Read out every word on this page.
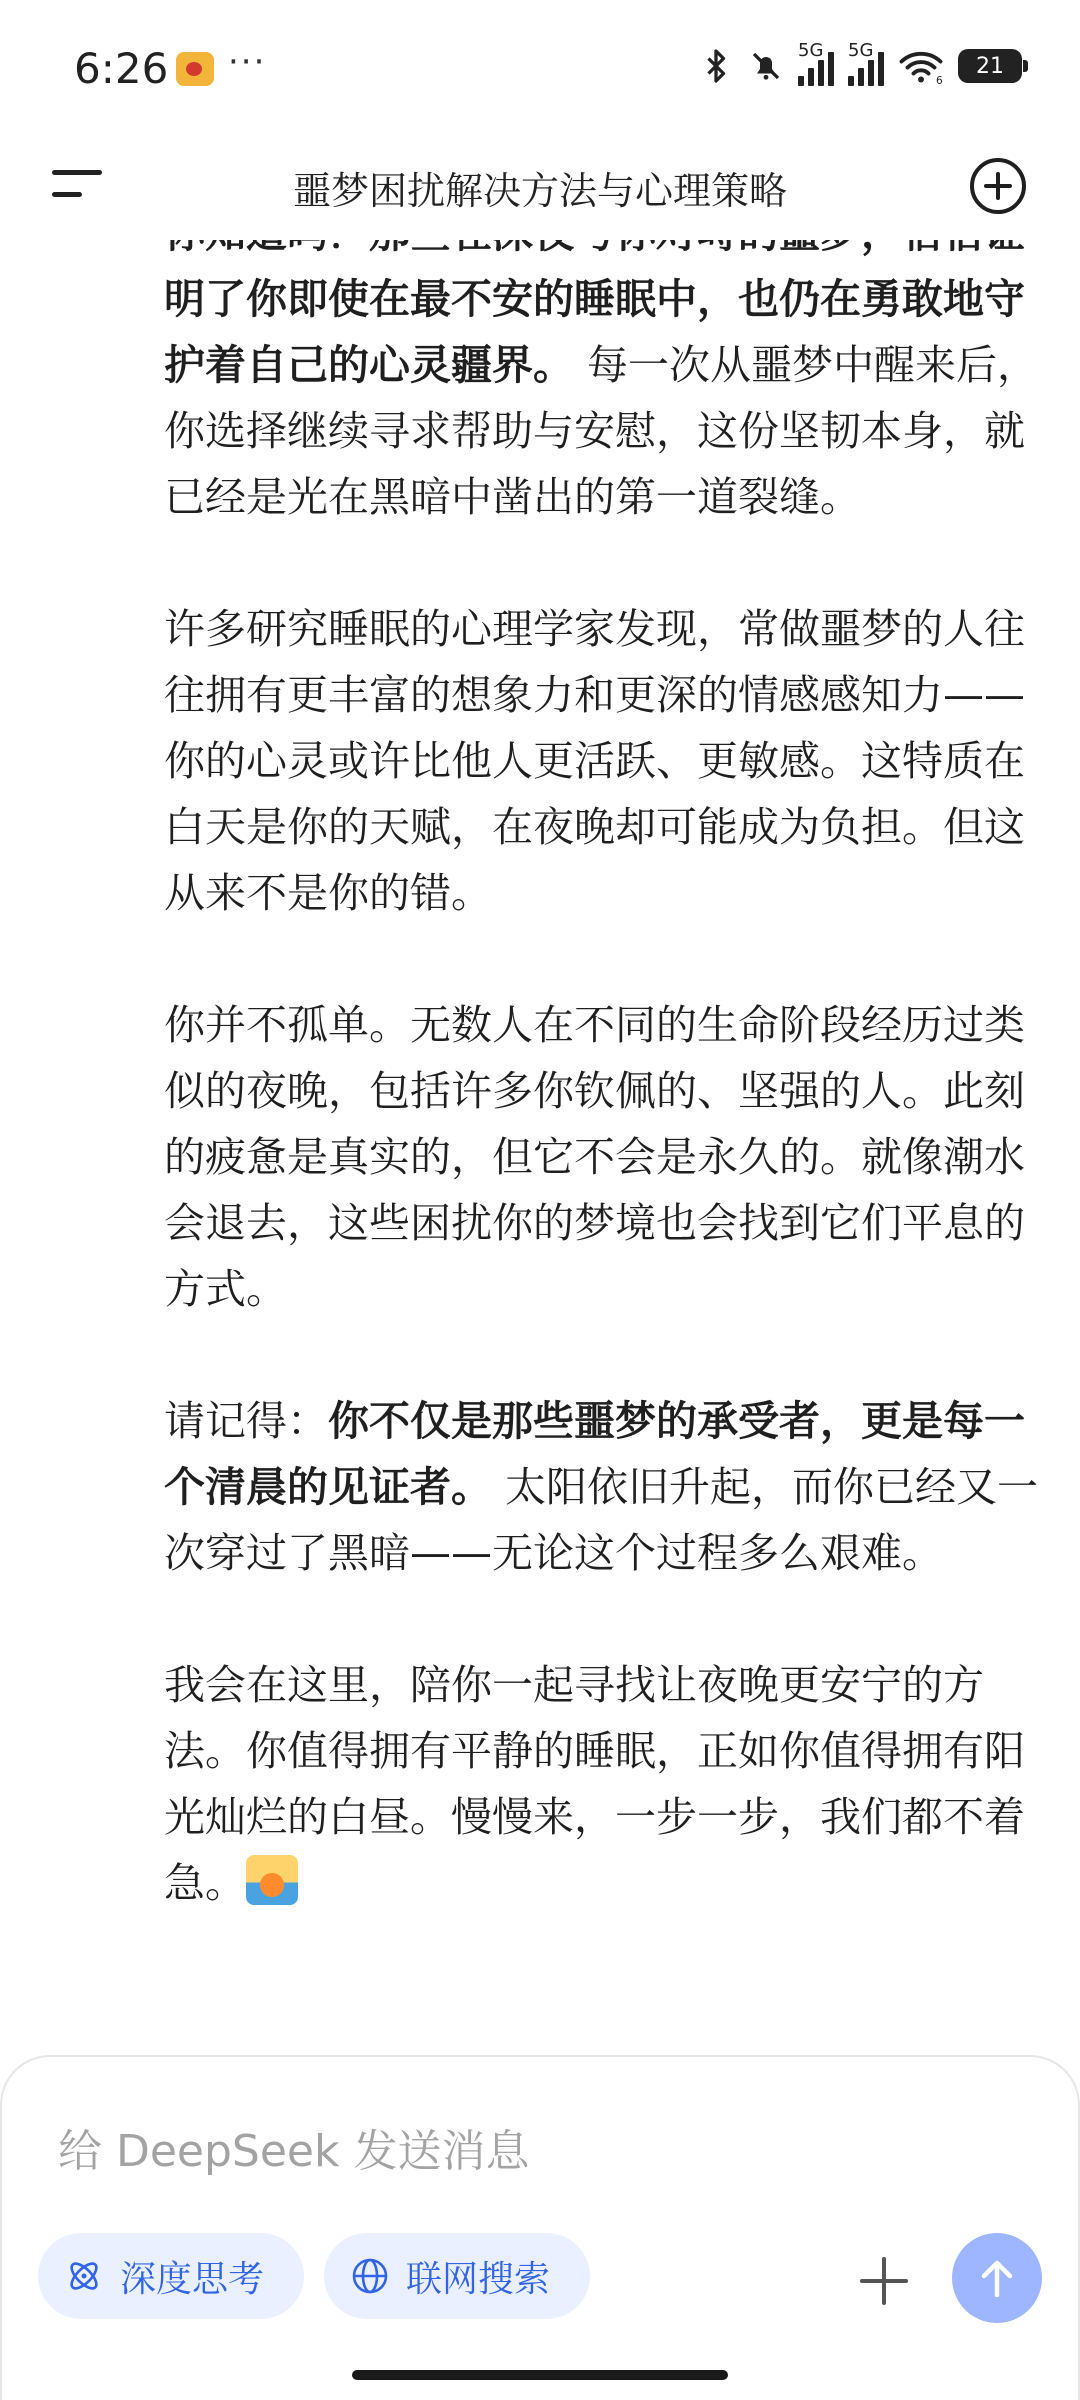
6:26 ···	5G 5G
6
21
噩梦困扰解决方法与心理策略

明了你即使在最不安的睡眠中，也仍在勇敢地守护着自己的心灵疆界。 每一次从噩梦中醒来后，你选择继续寻求帮助与安慰，这份坚韧本身，就已经是光在黑暗中凿出的第一道裂缝。

许多研究睡眠的心理学家发现，常做噩梦的人往往拥有更丰富的想象力和更深的情感感知力——你的心灵或许比他人更活跃、更敏感。这特质在白天是你的天赋，在夜晚却可能成为负担。但这从来不是你的错。

你并不孤单。无数人在不同的生命阶段经历过类似的夜晚，包括许多你钦佩的、坚强的人。此刻的疲惫是真实的，但它不会是永久的。就像潮水会退去，这些困扰你的梦境也会找到它们平息的方式。

请记得：你不仅是那些噩梦的承受者，更是每一个清晨的见证者。 太阳依旧升起，而你已经又一次穿过了黑暗——无论这个过程多么艰难。

我会在这里，陪你一起寻找让夜晚更安宁的方法。你值得拥有平静的睡眠，正如你值得拥有阳光灿烂的白昼。慢慢来，一步一步，我们都不着急。

给 DeepSeek 发送消息
深度思考	联网搜索
